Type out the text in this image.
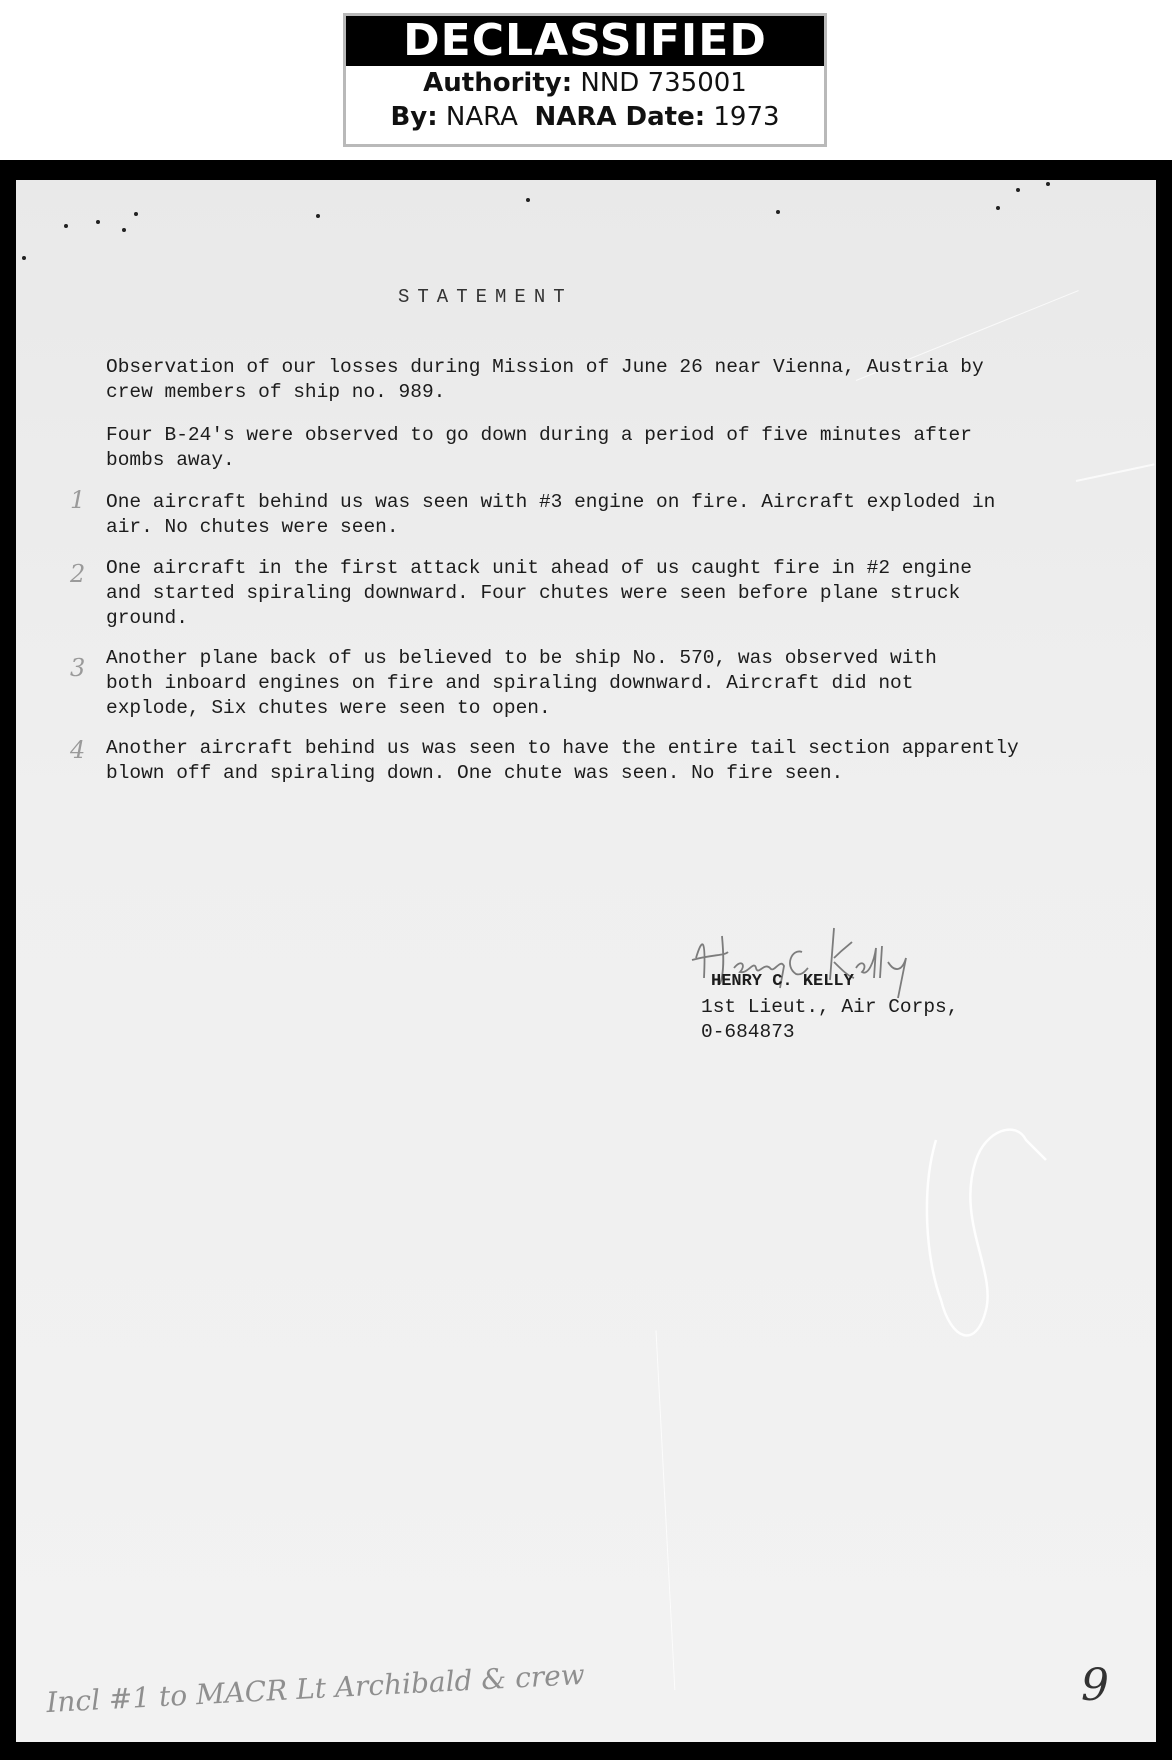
DECLASSIFIED
Authority: NND 735001
By: NARA NARA Date: 1973
STATEMENT

Observation of our losses during Mission of June 26 near Vienna, Austria by
crew members of ship no. 989.

Four B-24's were observed to go down during a period of five minutes after
bombs away.

One aircraft behind us was seen with #3 engine on fire. Aircraft exploded in
air. No chutes were seen.

One aircraft in the first attack unit ahead of us caught fire in #2 engine
and started spiraling downward. Four chutes were seen before plane struck
ground.

Another plane back of us believed to be ship No. 570, was observed with
both inboard engines on fire and spiraling downward. Aircraft did not
explode, Six chutes were seen to open.

Another aircraft behind us was seen to have the entire tail section apparently
blown off and spiraling down. One chute was seen. No fire seen.

1
2
3
4
HENRY C. KELLY
1st Lieut., Air Corps,
0-684873
Incl #1 to MACR Lt Archibald & crew	9
